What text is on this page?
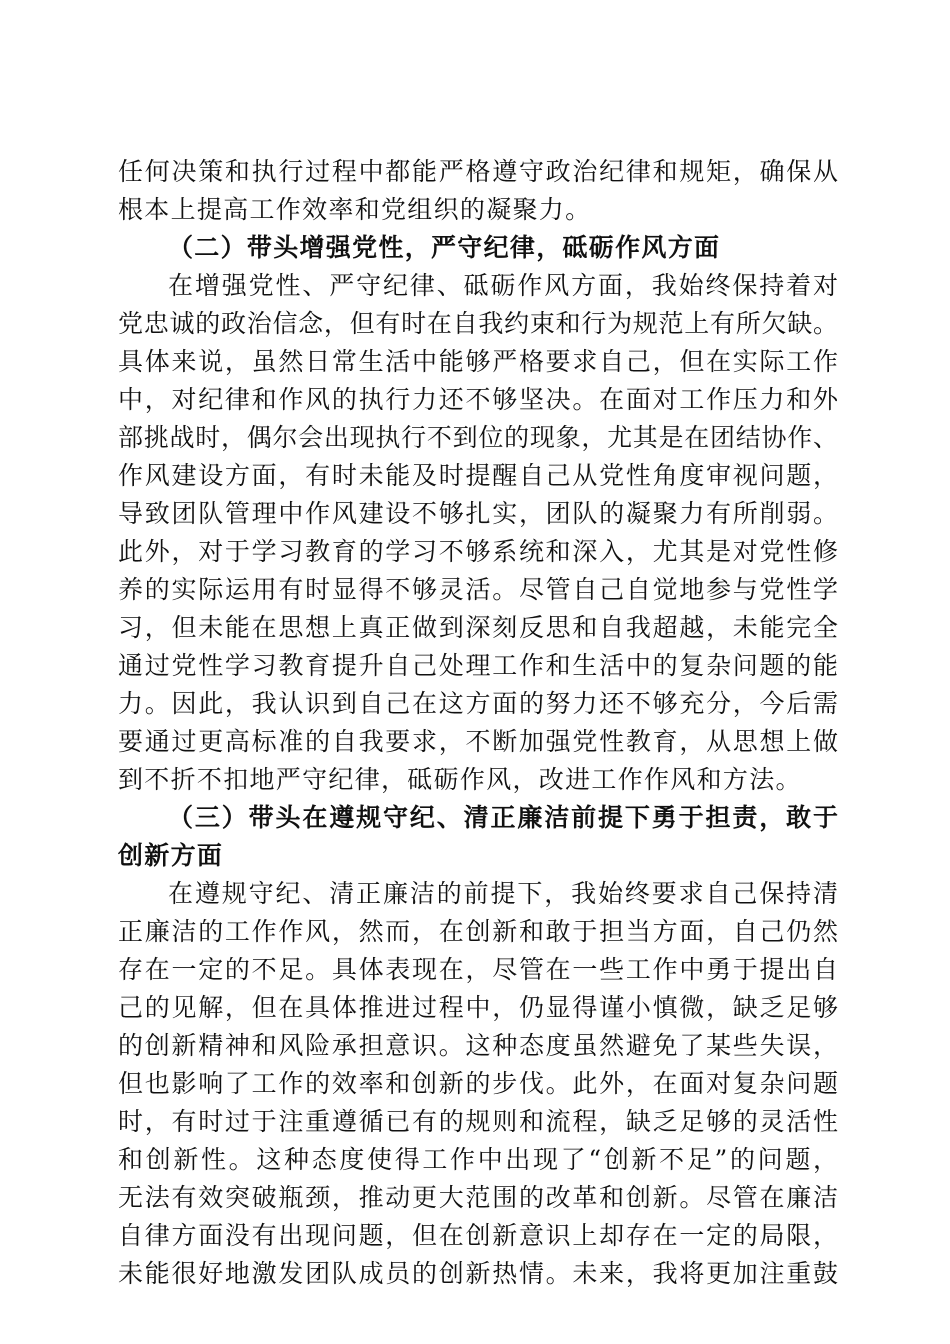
任何决策和执行过程中都能严格遵守政治纪律和规矩，确保从
根本上提高工作效率和党组织的凝聚力。
（二）带头增强党性，严守纪律，砥砺作风方面
在增强党性、严守纪律、砥砺作风方面，我始终保持着对
党忠诚的政治信念，但有时在自我约束和行为规范上有所欠缺。
具体来说，虽然日常生活中能够严格要求自己，但在实际工作
中，对纪律和作风的执行力还不够坚决。在面对工作压力和外
部挑战时，偶尔会出现执行不到位的现象，尤其是在团结协作、
作风建设方面，有时未能及时提醒自己从党性角度审视问题，
导致团队管理中作风建设不够扎实，团队的凝聚力有所削弱。
此外，对于学习教育的学习不够系统和深入，尤其是对党性修
养的实际运用有时显得不够灵活。尽管自己自觉地参与党性学
习，但未能在思想上真正做到深刻反思和自我超越，未能完全
通过党性学习教育提升自己处理工作和生活中的复杂问题的能
力。因此，我认识到自己在这方面的努力还不够充分，今后需
要通过更高标准的自我要求，不断加强党性教育，从思想上做
到不折不扣地严守纪律，砥砺作风，改进工作作风和方法。
（三）带头在遵规守纪、清正廉洁前提下勇于担责，敢于
创新方面
在遵规守纪、清正廉洁的前提下，我始终要求自己保持清
正廉洁的工作作风，然而，在创新和敢于担当方面，自己仍然
存在一定的不足。具体表现在，尽管在一些工作中勇于提出自
己的见解，但在具体推进过程中，仍显得谨小慎微，缺乏足够
的创新精神和风险承担意识。这种态度虽然避免了某些失误，
但也影响了工作的效率和创新的步伐。此外，在面对复杂问题
时，有时过于注重遵循已有的规则和流程，缺乏足够的灵活性
和创新性。这种态度使得工作中出现了“创新不足”的问题，
无法有效突破瓶颈，推动更大范围的改革和创新。尽管在廉洁
自律方面没有出现问题，但在创新意识上却存在一定的局限，
未能很好地激发团队成员的创新热情。未来，我将更加注重鼓
